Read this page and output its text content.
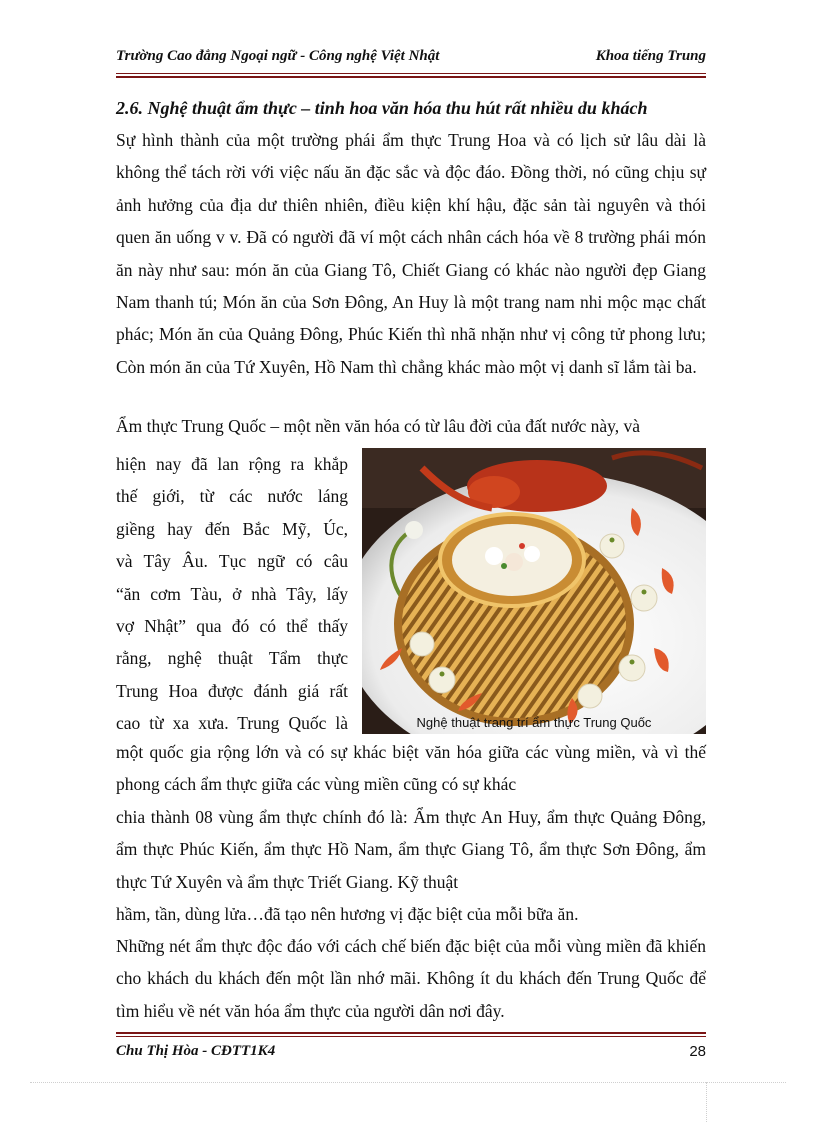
Trường Cao đẳng Ngoại ngữ - Công nghệ Việt Nhật	Khoa tiếng Trung
2.6. Nghệ thuật ẩm thực – tinh hoa văn hóa thu hút rất nhiều du khách

Sự hình thành của một trường phái ẩm thực Trung Hoa và có lịch sử lâu dài là không thể tách rời với việc nấu ăn đặc sắc và độc đáo. Đồng thời, nó cũng chịu sự ảnh hưởng của địa dư thiên nhiên, điều kiện khí hậu, đặc sản tài nguyên và thói quen ăn uống v v. Đã có người đã ví một cách nhân cách hóa về 8 trường phái món ăn này như sau: món ăn của Giang Tô, Chiết Giang có khác nào người đẹp Giang Nam thanh tú; Món ăn của Sơn Đông, An Huy là một trang nam nhi mộc mạc chất phác; Món ăn của Quảng Đông, Phúc Kiến thì nhã nhặn như vị công tử phong lưu; Còn món ăn của Tứ Xuyên, Hồ Nam thì chẳng khác mào một vị danh sĩ lắm tài ba.

Ẩm thực Trung Quốc – một nền văn hóa có từ lâu đời của đất nước này, và

hiện nay đã lan rộng ra khắp
thế giới, từ các nước láng
giềng hay đến Bắc Mỹ, Úc,
và Tây Âu. Tục ngữ có câu
“ăn cơm Tàu, ở nhà Tây, lấy
vợ Nhật” qua đó có thể thấy
rằng, nghệ thuật Tẩm thực
Trung Hoa được đánh giá rất
cao từ xa xưa. Trung Quốc là	Nghệ thuật trang trí ẩm thực Trung Quốc

một quốc gia rộng lớn và có sự khác biệt văn hóa giữa các vùng miền, và vì thế phong cách ẩm thực giữa các vùng miền cũng có sự khác

chia thành 08 vùng ẩm thực chính đó là: Ẩm thực An Huy, ẩm thực Quảng Đông, ẩm thực Phúc Kiến, ẩm thực Hồ Nam, ẩm thực Giang Tô, ẩm thực Sơn Đông, ẩm thực Tứ Xuyên và ẩm thực Triết Giang. Kỹ thuật

hầm, tần, dùng lửa…đã tạo nên hương vị đặc biệt của mỗi bữa ăn.

Những nét ẩm thực độc đáo với cách chế biến đặc biệt của mỗi vùng miền đã khiến cho khách du khách đến một lần nhớ mãi. Không ít du khách đến Trung Quốc để tìm hiểu về nét văn hóa ẩm thực của người dân nơi đây.

Chu Thị Hòa - CĐTT1K4	28
